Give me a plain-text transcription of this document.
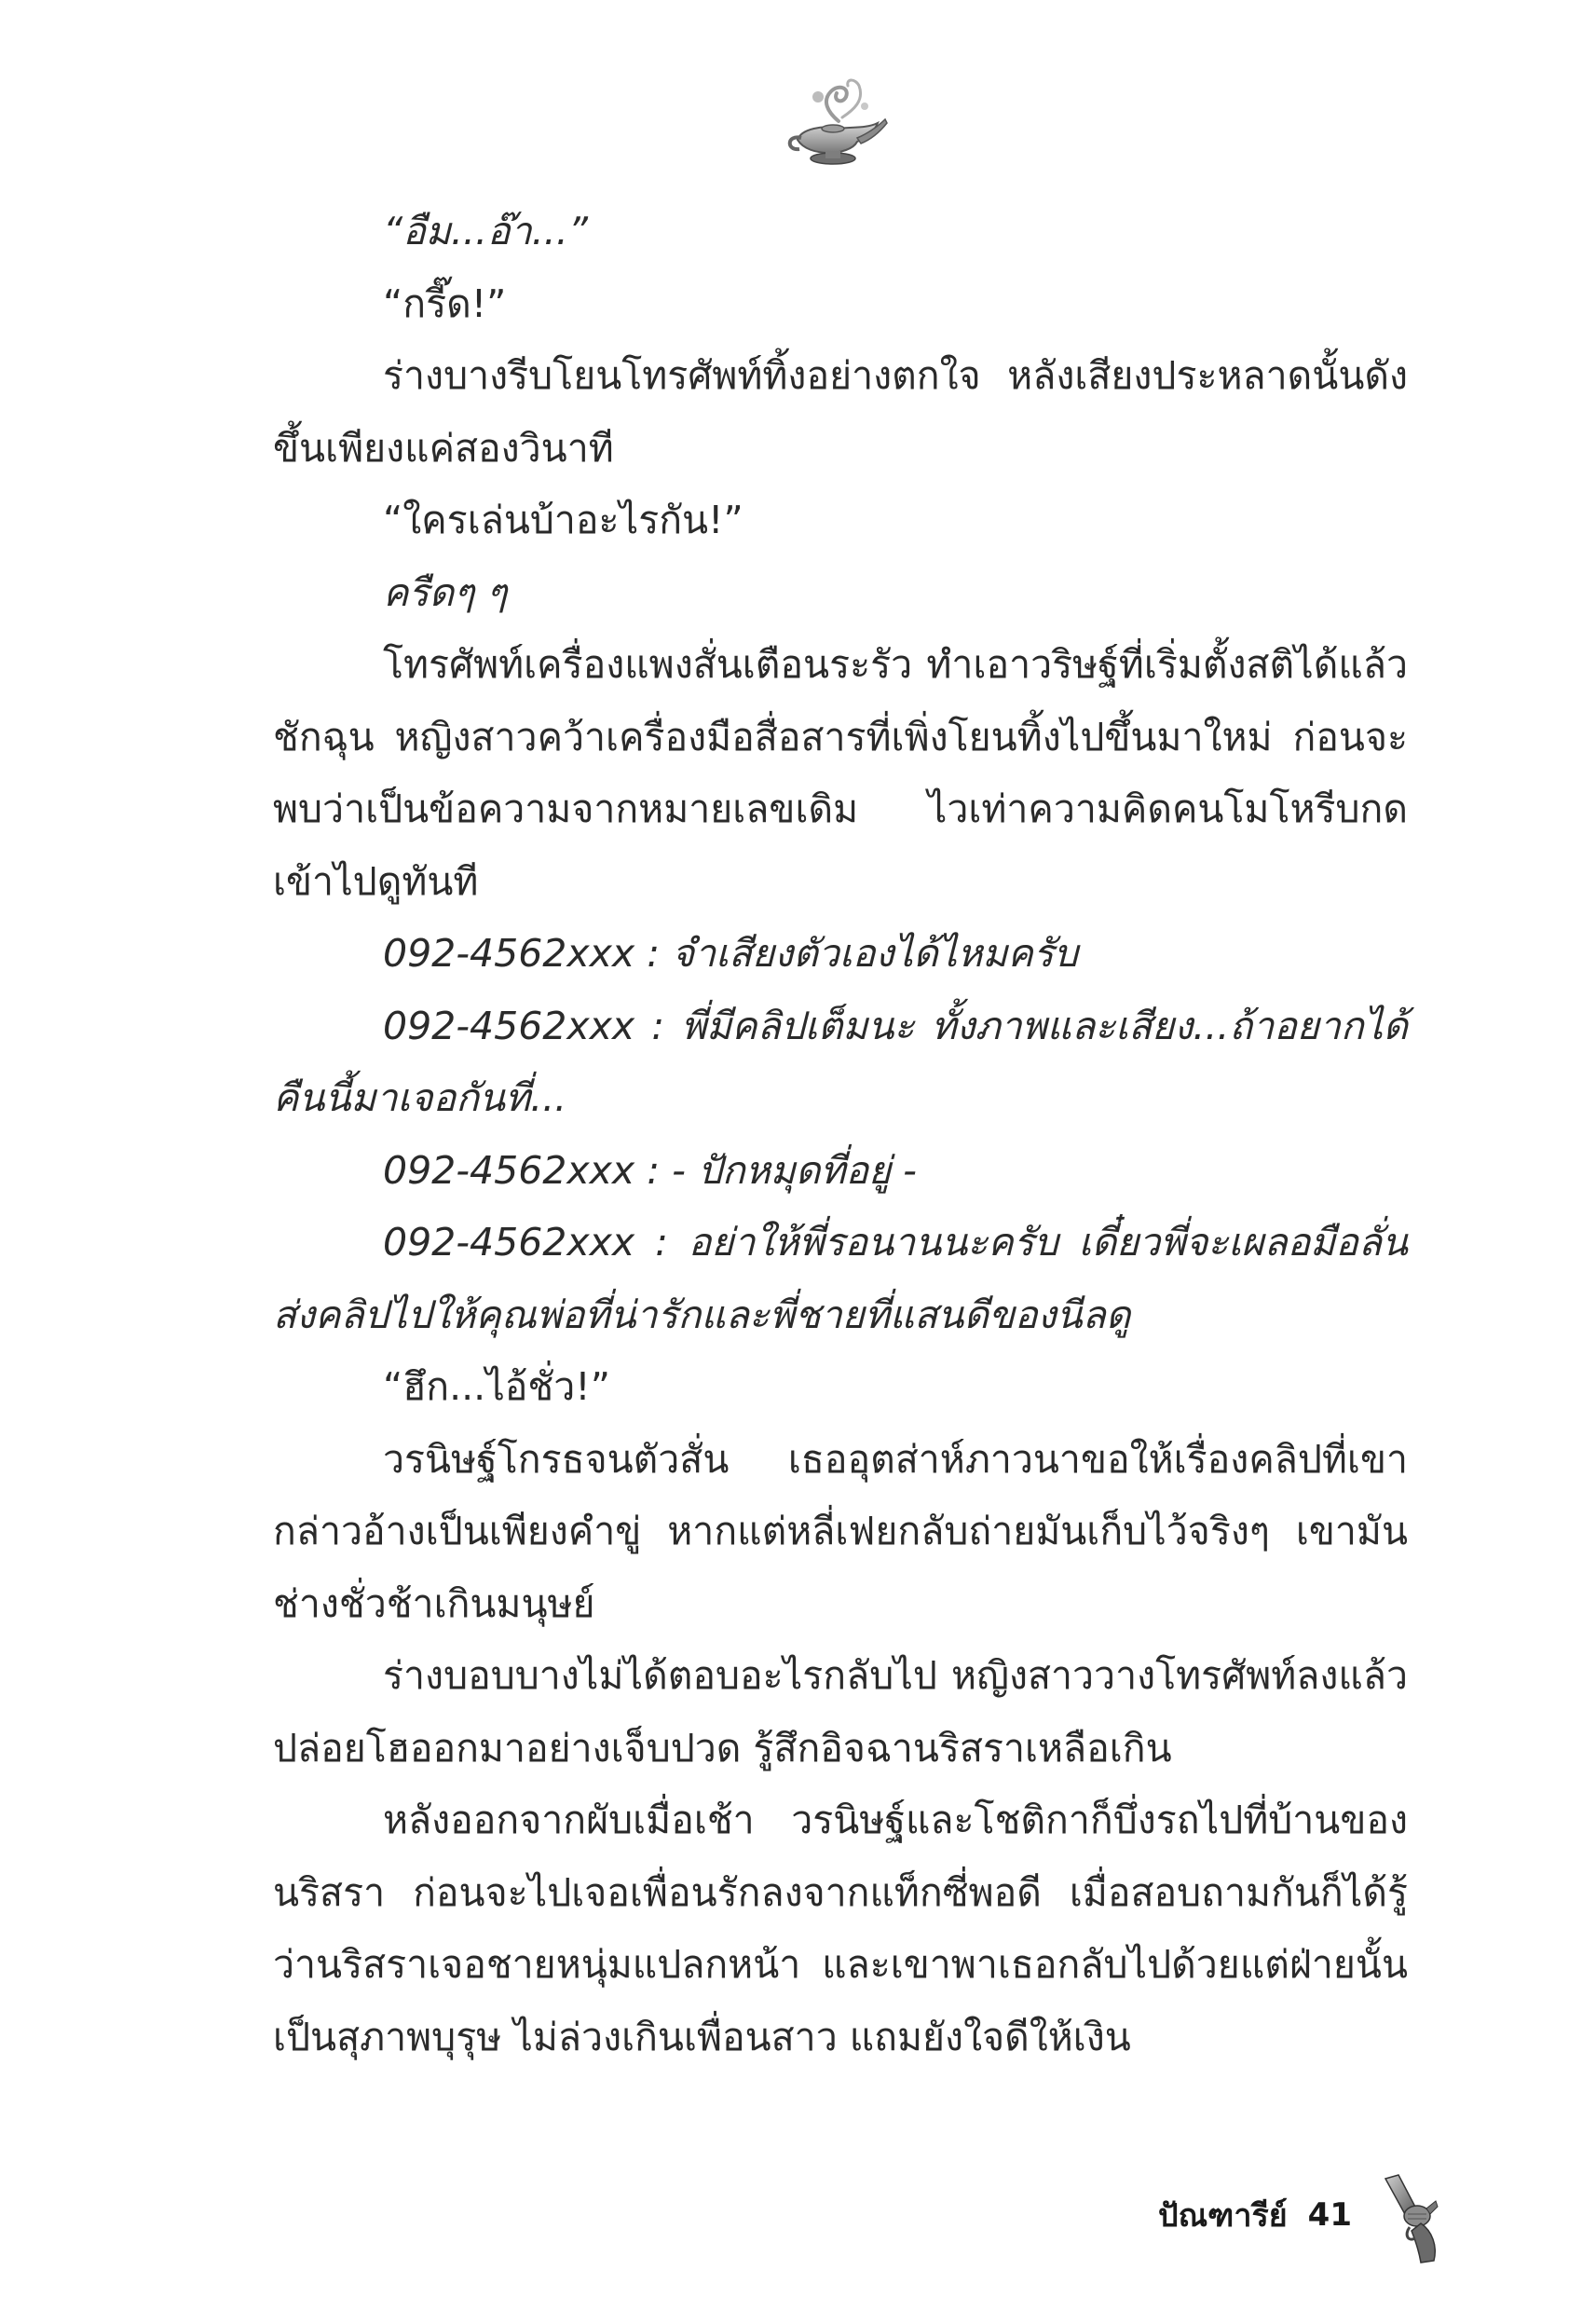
“อืม...อ๊า...”

“กรี๊ด!”

ร่างบางรีบโยนโทรศัพท์ทิ้งอย่างตกใจ หลังเสียงประหลาดนั้นดังขึ้นเพียงแค่สองวินาที

“ใครเล่นบ้าอะไรกัน!”

ครืดๆ ๆ

โทรศัพท์เครื่องแพงสั่นเตือนระรัว ทำเอาวริษฐ์ที่เริ่มตั้งสติได้แล้วชักฉุน หญิงสาวคว้าเครื่องมือสื่อสารที่เพิ่งโยนทิ้งไปขึ้นมาใหม่ ก่อนจะพบว่าเป็นข้อความจากหมายเลขเดิม ไวเท่าความคิดคนโมโหรีบกดเข้าไปดูทันที

092-4562xxx : จำเสียงตัวเองได้ไหมครับ

092-4562xxx : พี่มีคลิปเต็มนะ ทั้งภาพและเสียง...ถ้าอยากได้คืนนี้มาเจอกันที่...

092-4562xxx : - ปักหมุดที่อยู่ -

092-4562xxx : อย่าให้พี่รอนานนะครับ เดี๋ยวพี่จะเผลอมือลั่นส่งคลิปไปให้คุณพ่อที่น่ารักและพี่ชายที่แสนดีของนีลดู

“ฮึก...ไอ้ชั่ว!”

วรนิษฐ์โกรธจนตัวสั่น เธออุตส่าห์ภาวนาขอให้เรื่องคลิปที่เขากล่าวอ้างเป็นเพียงคำขู่ หากแต่หลี่เฟยกลับถ่ายมันเก็บไว้จริงๆ เขามันช่างชั่วช้าเกินมนุษย์

ร่างบอบบางไม่ได้ตอบอะไรกลับไป หญิงสาววางโทรศัพท์ลงแล้วปล่อยโฮออกมาอย่างเจ็บปวด รู้สึกอิจฉานริสราเหลือเกิน

หลังออกจากผับเมื่อเช้า วรนิษฐ์และโชติกาก็บึ่งรถไปที่บ้านของนริสรา ก่อนจะไปเจอเพื่อนรักลงจากแท็กซี่พอดี เมื่อสอบถามกันก็ได้รู้ว่านริสราเจอชายหนุ่มแปลกหน้า และเขาพาเธอกลับไปด้วยแต่ฝ่ายนั้นเป็นสุภาพบุรุษ ไม่ล่วงเกินเพื่อนสาว แถมยังใจดีให้เงิน

ปัณฑารีย์ 41
